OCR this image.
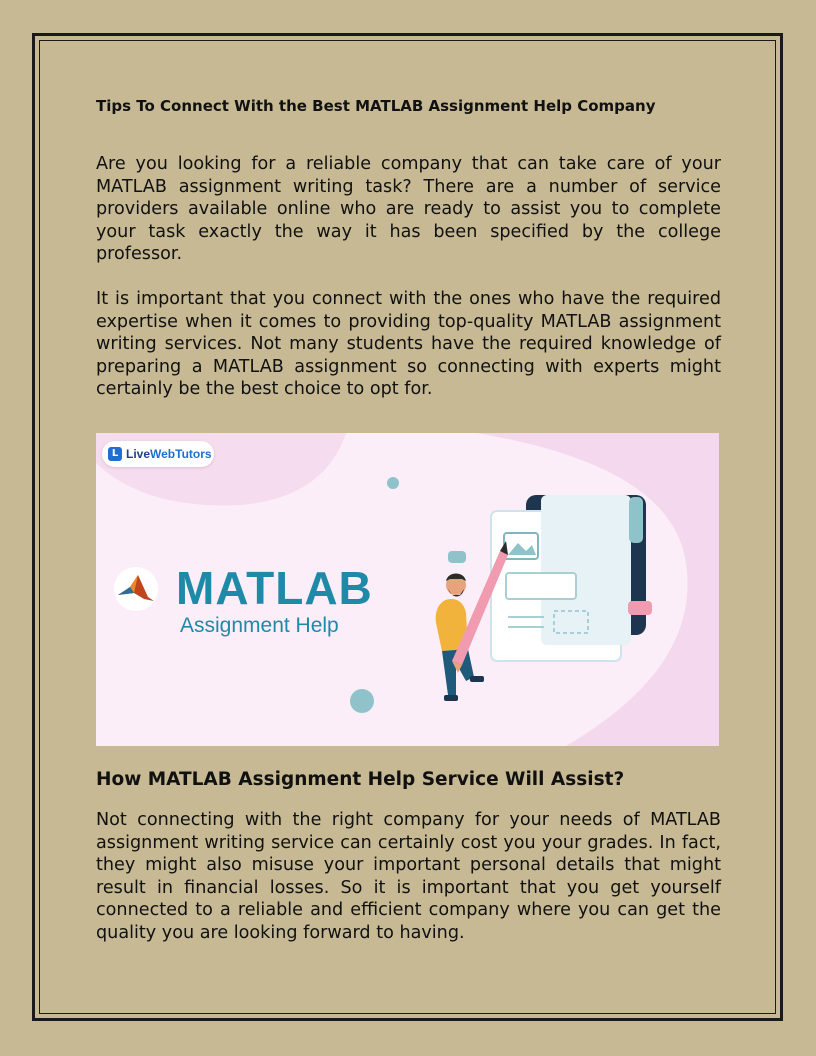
Tips To Connect With the Best MATLAB Assignment Help Company

Are you looking for a reliable company that can take care of your MATLAB assignment writing task? There are a number of service providers available online who are ready to assist you to complete your task exactly the way it has been specified by the college professor.

It is important that you connect with the ones who have the required expertise when it comes to providing top-quality MATLAB assignment writing services. Not many students have the required knowledge of preparing a MATLAB assignment so connecting with experts might certainly be the best choice to opt for.

L LiveWebTutors
MATLAB
Assignment Help
How MATLAB Assignment Help Service Will Assist?

Not connecting with the right company for your needs of MATLAB assignment writing service can certainly cost you your grades. In fact, they might also misuse your important personal details that might result in financial losses. So it is important that you get yourself connected to a reliable and efficient company where you can get the quality you are looking forward to having.
